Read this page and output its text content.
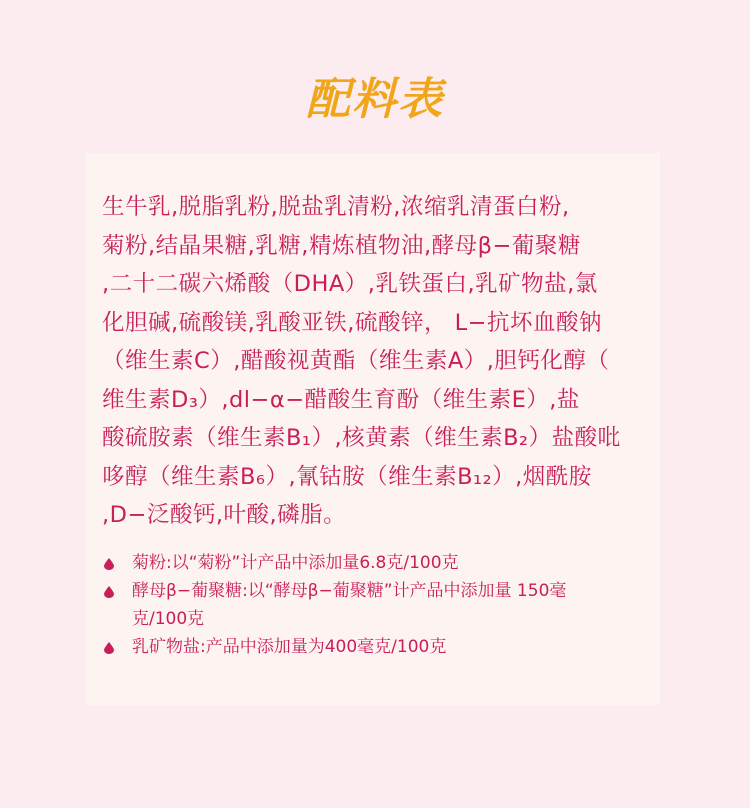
配料表
生牛乳,脱脂乳粉,脱盐乳清粉,浓缩乳清蛋白粉,
菊粉,结晶果糖,乳糖,精炼植物油,酵母β−葡聚糖
,二十二碳六烯酸（DHA）,乳铁蛋白,乳矿物盐,氯
化胆碱,硫酸镁,乳酸亚铁,硫酸锌， L−抗坏血酸钠
（维生素C）,醋酸视黄酯（维生素A）,胆钙化醇（
维生素D₃）,dl−α−醋酸生育酚（维生素E）,盐
酸硫胺素（维生素B₁）,核黄素（维生素B₂）盐酸吡
哆醇（维生素B₆）,氰钴胺（维生素B₁₂）,烟酰胺
,D−泛酸钙,叶酸,磷脂。
菊粉:以“菊粉”计产品中添加量6.8克/100克
酵母β−葡聚糖:以“酵母β−葡聚糖”计产品中添加量 150毫克/100克
乳矿物盐:产品中添加量为400毫克/100克
